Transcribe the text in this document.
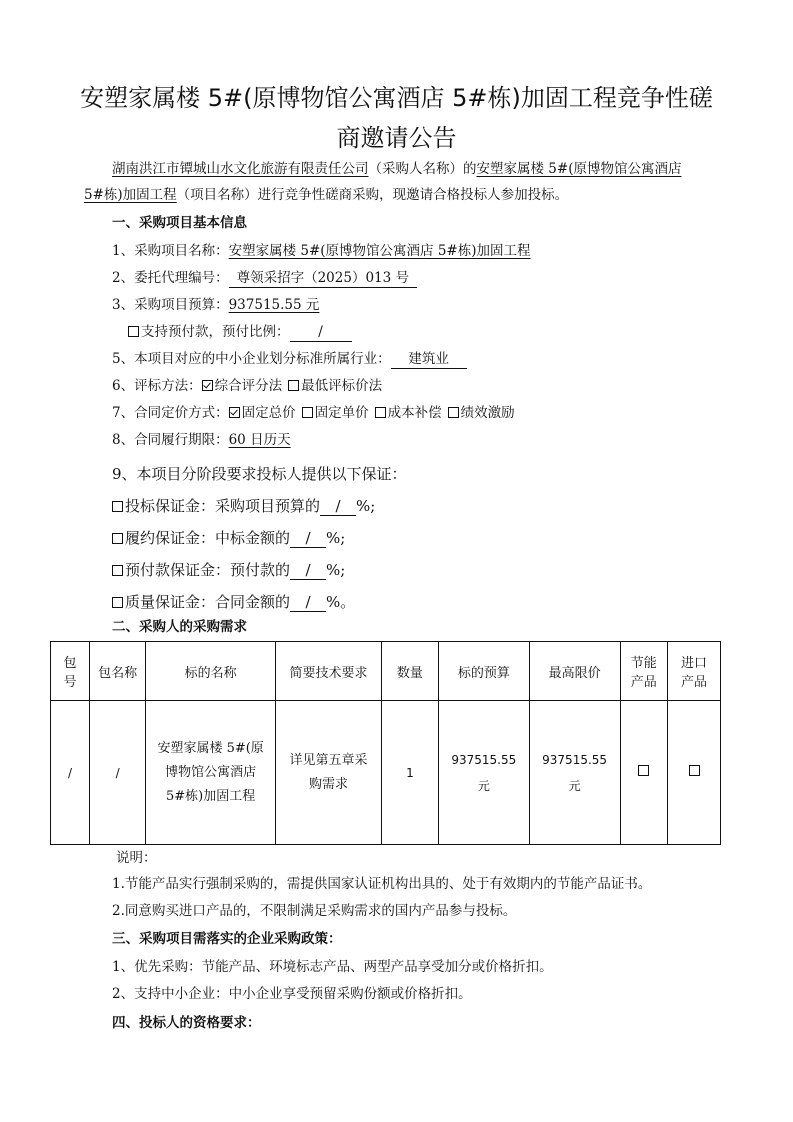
安塑家属楼 5#(原博物馆公寓酒店 5#栋)加固工程竞争性磋
商邀请公告
湖南洪江市镡城山水文化旅游有限责任公司（采购人名称）的安塑家属楼 5#(原博物馆公寓酒店
5#栋)加固工程（项目名称）进行竞争性磋商采购，现邀请合格投标人参加投标。
一、采购项目基本信息
1、采购项目名称：安塑家属楼 5#(原博物馆公寓酒店 5#栋)加固工程
2、委托代理编号： 尊领采招字（2025）013 号
3、采购项目预算：937515.55 元
支持预付款，预付比例： /
5、本项目对应的中小企业划分标准所属行业： 建筑业
6、评标方法： 综合评分法 最低评标价法
7、合同定价方式： 固定总价 固定单价 成本补偿 绩效激励
8、合同履行期限：60 日历天
9、本项目分阶段要求投标人提供以下保证：
投标保证金：采购项目预算的 / %;
履约保证金：中标金额的 / %;
预付款保证金：预付款的 / %;
质量保证金：合同金额的 / %。
二、采购人的采购需求
包号	包名称	标的名称	简要技术要求	数量	标的预算	最高限价	节能产品	进口产品
/	/	安塑家属楼 5#(原博物馆公寓酒店 5#栋)加固工程	详见第五章采购需求	1	937515.55元	937515.55元		
说明：
1.节能产品实行强制采购的，需提供国家认证机构出具的、处于有效期内的节能产品证书。
2.同意购买进口产品的，不限制满足采购需求的国内产品参与投标。
三、采购项目需落实的企业采购政策：
1、优先采购：节能产品、环境标志产品、两型产品享受加分或价格折扣。
2、支持中小企业：中小企业享受预留采购份额或价格折扣。
四、投标人的资格要求：
